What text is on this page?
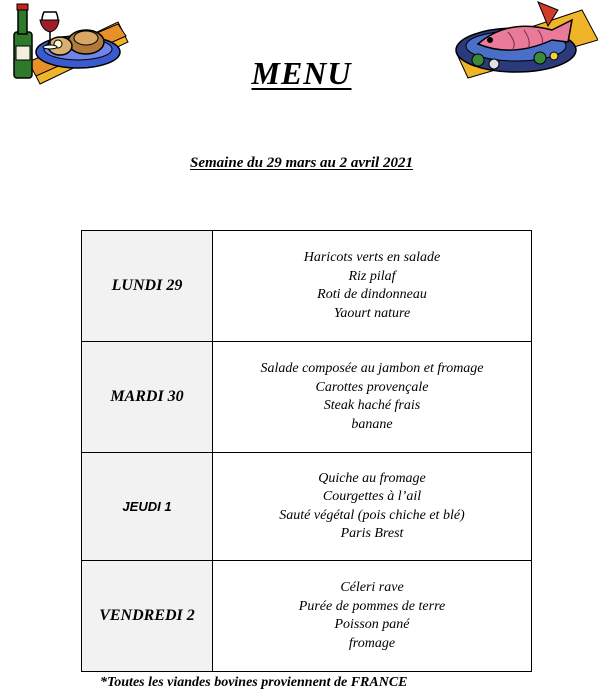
MENU
Semaine du 29 mars au 2 avril 2021
LUNDI 29	Haricots verts en salade
Riz pilaf
Roti de dindonneau
Yaourt nature

MARDI 30	Salade composée au jambon et fromage
Carottes provençale
Steak haché frais
banane

JEUDI 1	Quiche au fromage
Courgettes à l’ail
Sauté végétal (pois chiche et blé)
Paris Brest

VENDREDI 2	Céleri rave
Purée de pommes de terre
Poisson pané
fromage
*Toutes les viandes bovines proviennent de FRANCE
